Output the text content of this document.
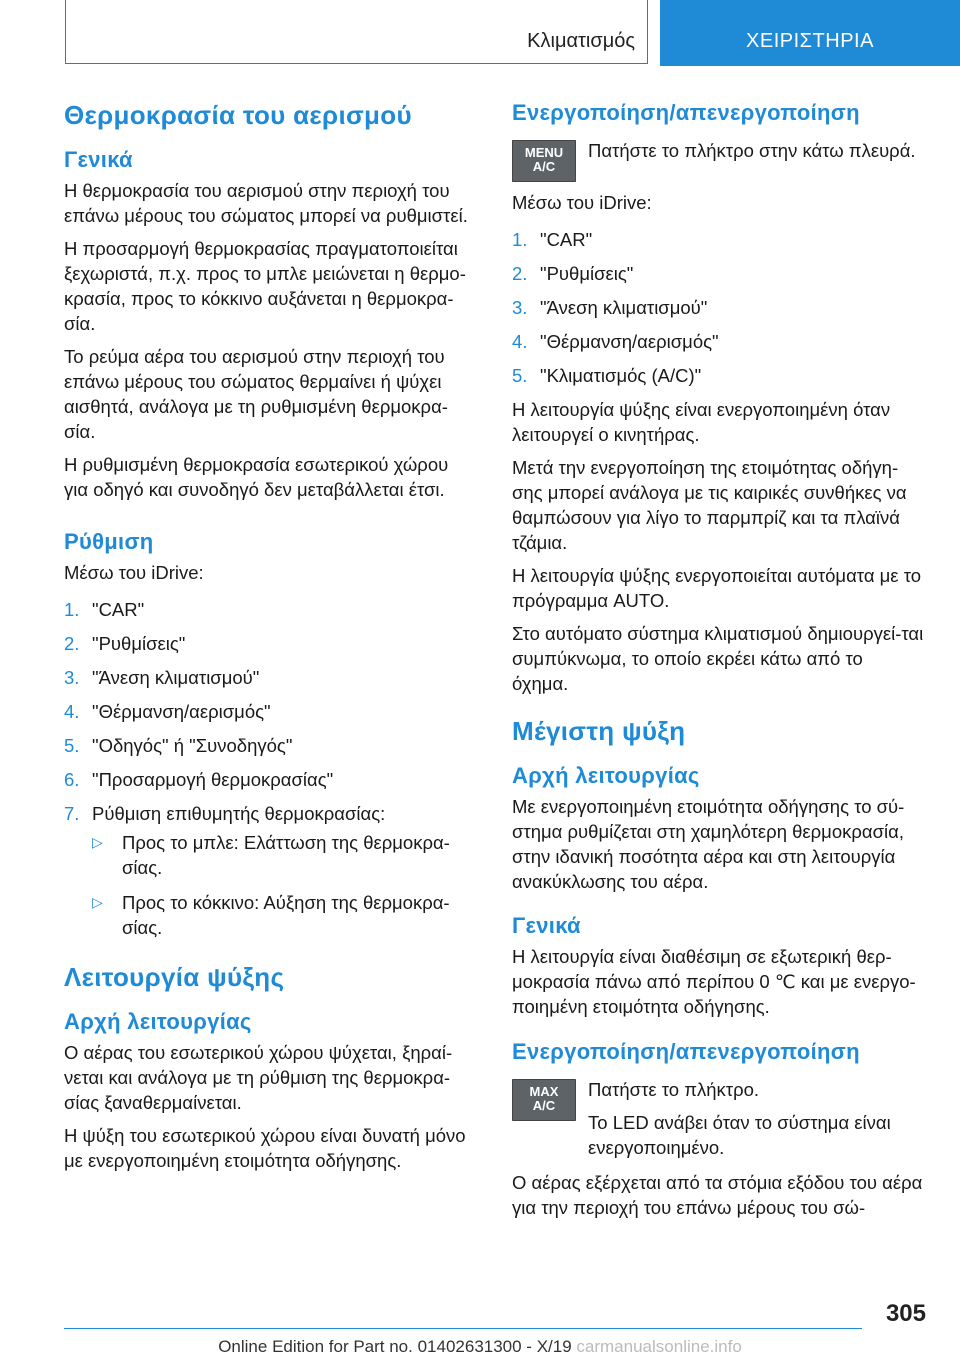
Κλιματισμός	ΧΕΙΡΙΣΤΗΡΙΑ
Θερμοκρασία του αερισμού
Γενικά

Η θερμοκρασία του αερισμού στην περιοχή του επάνω μέρους του σώματος μπορεί να ρυθμιστεί.

Η προσαρμογή θερμοκρασίας πραγματοποιείται ξεχωριστά, π.χ. προς το μπλε μειώνεται η θερμο-κρασία, προς το κόκκινο αυξάνεται η θερμοκρα-σία.

Το ρεύμα αέρα του αερισμού στην περιοχή του επάνω μέρους του σώματος θερμαίνει ή ψύχει αισθητά, ανάλογα με τη ρυθμισμένη θερμοκρα-σία.

Η ρυθμισμένη θερμοκρασία εσωτερικού χώρου για οδηγό και συνοδηγό δεν μεταβάλλεται έτσι.

Ρύθμιση

Μέσω του iDrive:

1. "CAR"
2. "Ρυθμίσεις"
3. "Άνεση κλιματισμού"
4. "Θέρμανση/αερισμός"
5. "Οδηγός" ή "Συνοδηγός"
6. "Προσαρμογή θερμοκρασίας"
7. Ρύθμιση επιθυμητής θερμοκρασίας:
▷ Προς το μπλε: Ελάττωση της θερμοκρα-σίας.
▷ Προς το κόκκινο: Αύξηση της θερμοκρα-σίας.
Λειτουργία ψύξης
Αρχή λειτουργίας

Ο αέρας του εσωτερικού χώρου ψύχεται, ξηραί-νεται και ανάλογα με τη ρύθμιση της θερμοκρα-σίας ξαναθερμαίνεται.

Η ψύξη του εσωτερικού χώρου είναι δυνατή μόνο με ενεργοποιημένη ετοιμότητα οδήγησης.

Ενεργοποίηση/απενεργοποίηση
MENU
A/C

Πατήστε το πλήκτρο στην κάτω πλευρά.

Μέσω του iDrive:

1. "CAR"
2. "Ρυθμίσεις"
3. "Άνεση κλιματισμού"
4. "Θέρμανση/αερισμός"
5. "Κλιματισμός (A/C)"

Η λειτουργία ψύξης είναι ενεργοποιημένη όταν λειτουργεί ο κινητήρας.

Μετά την ενεργοποίηση της ετοιμότητας οδήγη-σης μπορεί ανάλογα με τις καιρικές συνθήκες να θαμπώσουν για λίγο το παρμπρίζ και τα πλαϊνά τζάμια.

Η λειτουργία ψύξης ενεργοποιείται αυτόματα με το πρόγραμμα AUTO.

Στο αυτόματο σύστημα κλιματισμού δημιουργεί-ται συμπύκνωμα, το οποίο εκρέει κάτω από το όχημα.

Μέγιστη ψύξη
Αρχή λειτουργίας

Με ενεργοποιημένη ετοιμότητα οδήγησης το σύ-στημα ρυθμίζεται στη χαμηλότερη θερμοκρασία, στην ιδανική ποσότητα αέρα και στη λειτουργία ανακύκλωσης του αέρα.

Γενικά

Η λειτουργία είναι διαθέσιμη σε εξωτερική θερ-μοκρασία πάνω από περίπου 0 ℃ και με ενεργο-ποιημένη ετοιμότητα οδήγησης.

Ενεργοποίηση/απενεργοποίηση
MAX
A/C

Πατήστε το πλήκτρο.

Το LED ανάβει όταν το σύστημα είναι ενεργοποιημένο.

Ο αέρας εξέρχεται από τα στόμια εξόδου του αέρα για την περιοχή του επάνω μέρους του σώ-

305
Online Edition for Part no. 01402631300 - X/19 carmanualsonline.info
